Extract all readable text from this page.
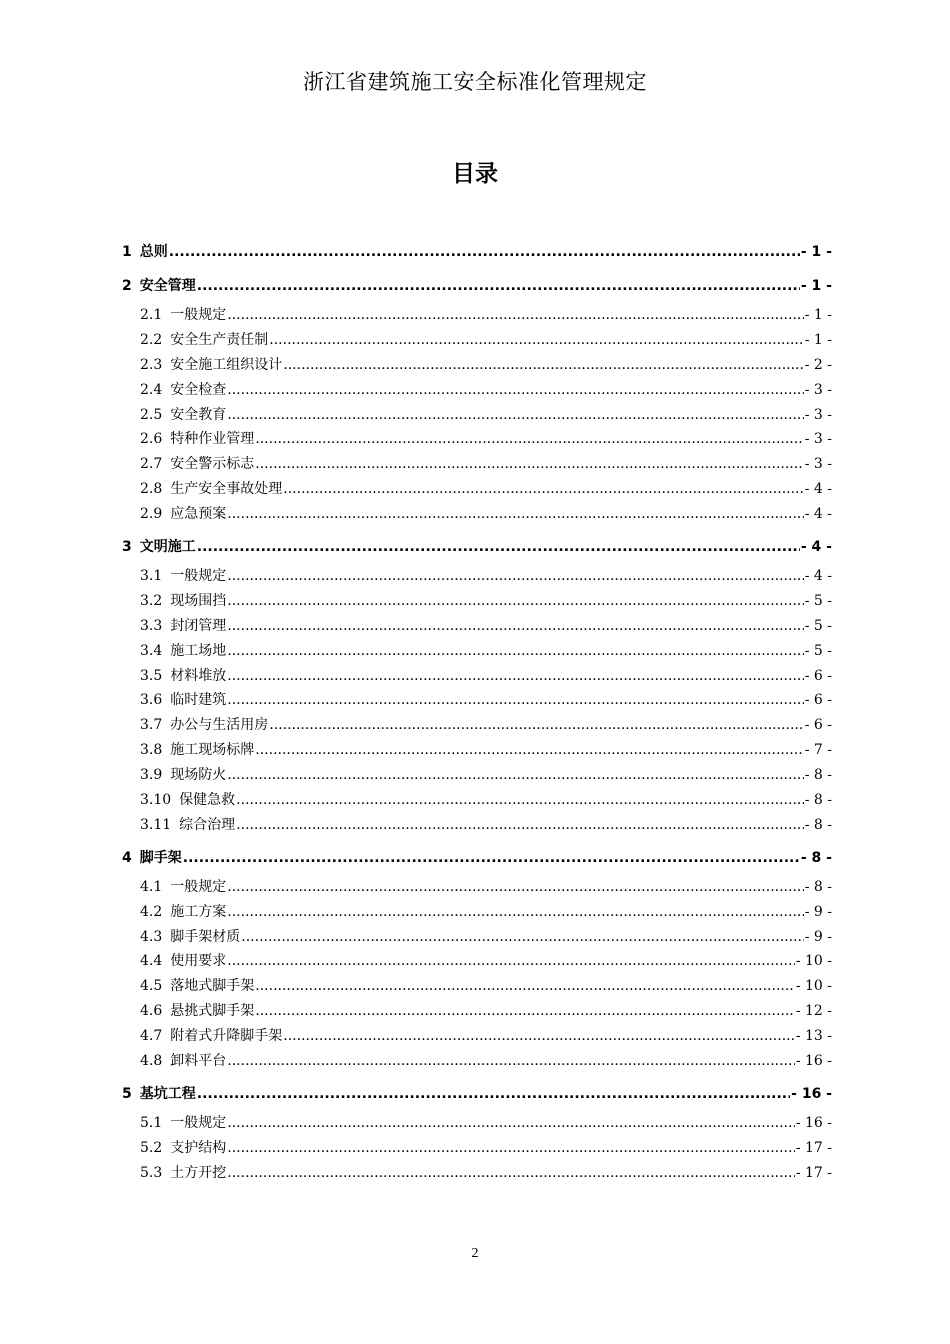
浙江省建筑施工安全标准化管理规定
目录
1 总则 .....	- 1 -
2 安全管理 .....	- 1 -
2.1 一般规定 .....	- 1 -
2.2 安全生产责任制 .....	- 1 -
2.3 安全施工组织设计 .....	- 2 -
2.4 安全检查 .....	- 3 -
2.5 安全教育 .....	- 3 -
2.6 特种作业管理 .....	- 3 -
2.7 安全警示标志 .....	- 3 -
2.8 生产安全事故处理 .....	- 4 -
2.9 应急预案 .....	- 4 -
3 文明施工 .....	- 4 -
3.1 一般规定 .....	- 4 -
3.2 现场围挡 .....	- 5 -
3.3 封闭管理 .....	- 5 -
3.4 施工场地 .....	- 5 -
3.5 材料堆放 .....	- 6 -
3.6 临时建筑 .....	- 6 -
3.7 办公与生活用房 .....	- 6 -
3.8 施工现场标牌 .....	- 7 -
3.9 现场防火 .....	- 8 -
3.10 保健急救 .....	- 8 -
3.11 综合治理 .....	- 8 -
4 脚手架 .....	- 8 -
4.1 一般规定 .....	- 8 -
4.2 施工方案 .....	- 9 -
4.3 脚手架材质 .....	- 9 -
4.4 使用要求 .....	- 10 -
4.5 落地式脚手架 .....	- 10 -
4.6 悬挑式脚手架 .....	- 12 -
4.7 附着式升降脚手架 .....	- 13 -
4.8 卸料平台 .....	- 16 -
5 基坑工程 .....	- 16 -
5.1 一般规定 .....	- 16 -
5.2 支护结构 .....	- 17 -
5.3 土方开挖 .....	- 17 -
2
